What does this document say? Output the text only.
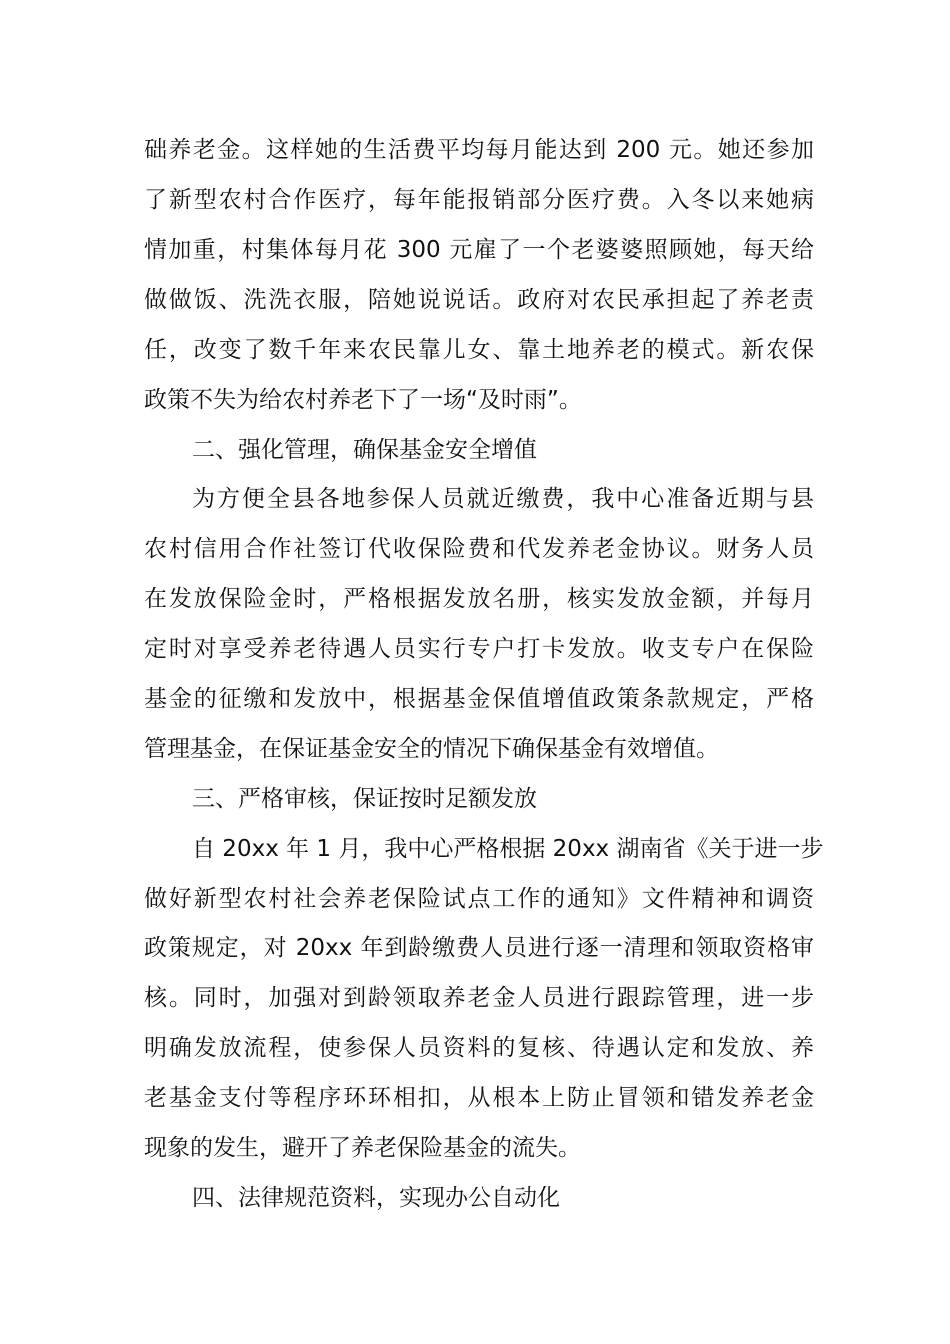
础养老金。这样她的生活费平均每月能达到 200 元。她还参加

了新型农村合作医疗，每年能报销部分医疗费。入冬以来她病

情加重，村集体每月花 300 元雇了一个老婆婆照顾她，每天给

做做饭、洗洗衣服，陪她说说话。政府对农民承担起了养老责

任，改变了数千年来农民靠儿女、靠土地养老的模式。新农保

政策不失为给农村养老下了一场“及时雨”。

二、强化管理，确保基金安全增值

为方便全县各地参保人员就近缴费，我中心准备近期与县

农村信用合作社签订代收保险费和代发养老金协议。财务人员

在发放保险金时，严格根据发放名册，核实发放金额，并每月

定时对享受养老待遇人员实行专户打卡发放。收支专户在保险

基金的征缴和发放中，根据基金保值增值政策条款规定，严格

管理基金，在保证基金安全的情况下确保基金有效增值。

三、严格审核，保证按时足额发放

自 20xx 年 1 月，我中心严格根据 20xx 湖南省《关于进一步

做好新型农村社会养老保险试点工作的通知》文件精神和调资

政策规定，对 20xx 年到龄缴费人员进行逐一清理和领取资格审

核。同时，加强对到龄领取养老金人员进行跟踪管理，进一步

明确发放流程，使参保人员资料的复核、待遇认定和发放、养

老基金支付等程序环环相扣，从根本上防止冒领和错发养老金

现象的发生，避开了养老保险基金的流失。

四、法律规范资料，实现办公自动化
